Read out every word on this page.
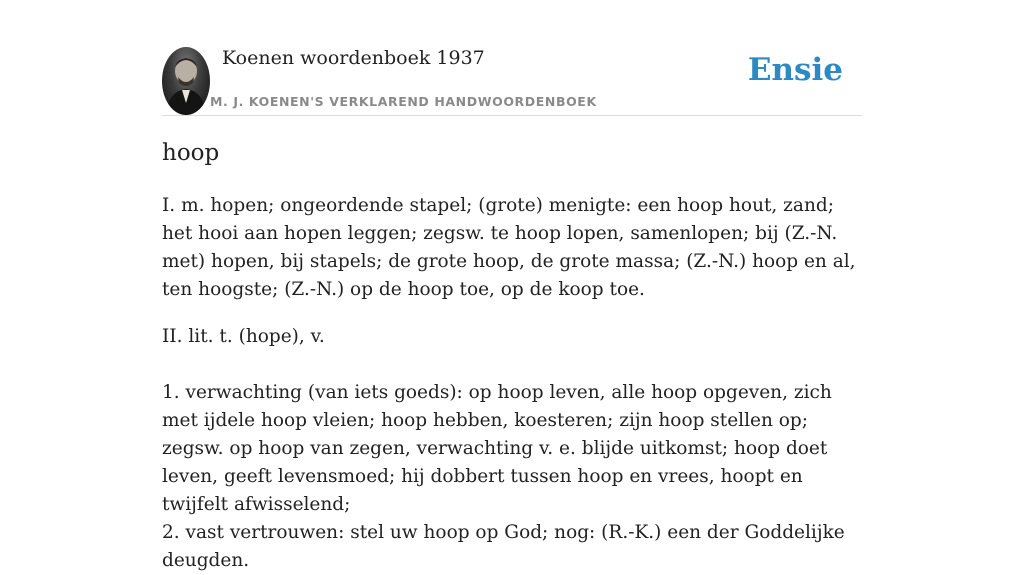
Koenen woordenboek 1937
M. J. KOENEN'S VERKLAREND HANDWOORDENBOEK
Ensie
hoop

I. m. hopen; ongeordende stapel; (grote) menigte: een hoop hout, zand; het hooi aan hopen leggen; zegsw. te hoop lopen, samenlopen; bij (Z.-N. met) hopen, bij stapels; de grote hoop, de grote massa; (Z.-N.) hoop en al, ten hoogste; (Z.-N.) op de hoop toe, op de koop toe.

II. lit. t. (hope), v.

1. verwachting (van iets goeds): op hoop leven, alle hoop opgeven, zich met ijdele hoop vleien; hoop hebben, koesteren; zijn hoop stellen op; zegsw. op hoop van zegen, verwachting v. e. blijde uitkomst; hoop doet leven, geeft levensmoed; hij dobbert tussen hoop en vrees, hoopt en twijfelt afwisselend;

2. vast vertrouwen: stel uw hoop op God; nog: (R.-K.) een der Goddelijke deugden.
